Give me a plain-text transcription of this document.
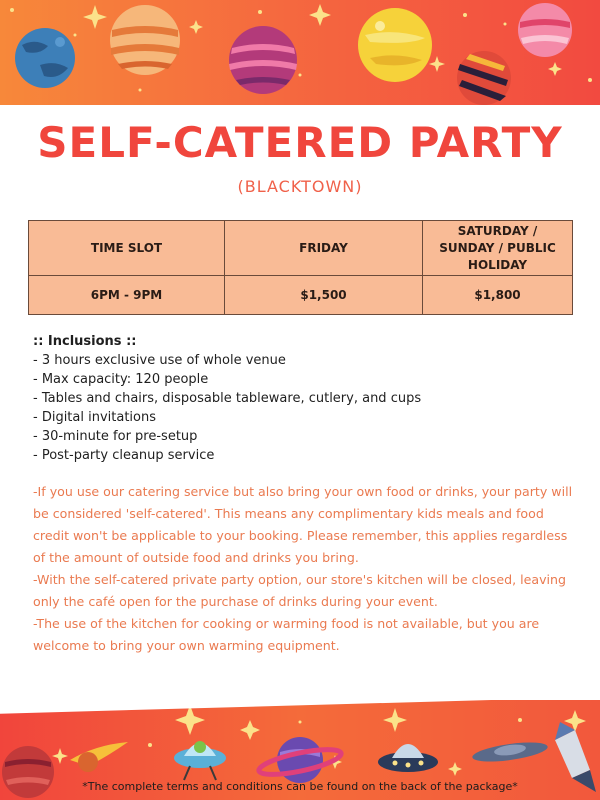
SELF-CATERED PARTY

(BLACKTOWN)

TIME SLOT	FRIDAY	SATURDAY / SUNDAY / PUBLIC HOLIDAY
6PM - 9PM	$1,500	$1,800
:: Inclusions ::
- 3 hours exclusive use of whole venue
- Max capacity: 120 people
- Tables and chairs, disposable tableware, cutlery, and cups
- Digital invitations
- 30-minute for pre-setup
- Post-party cleanup service

-If you use our catering service but also bring your own food or drinks, your party will be considered 'self-catered'. This means any complimentary kids meals and food credit won't be applicable to your booking. Please remember, this applies regardless of the amount of outside food and drinks you bring.

-With the self-catered private party option, our store's kitchen will be closed, leaving only the café open for the purchase of drinks during your event.

-The use of the kitchen for cooking or warming food is not available, but you are welcome to bring your own warming equipment.

*The complete terms and conditions can be found on the back of the package*
